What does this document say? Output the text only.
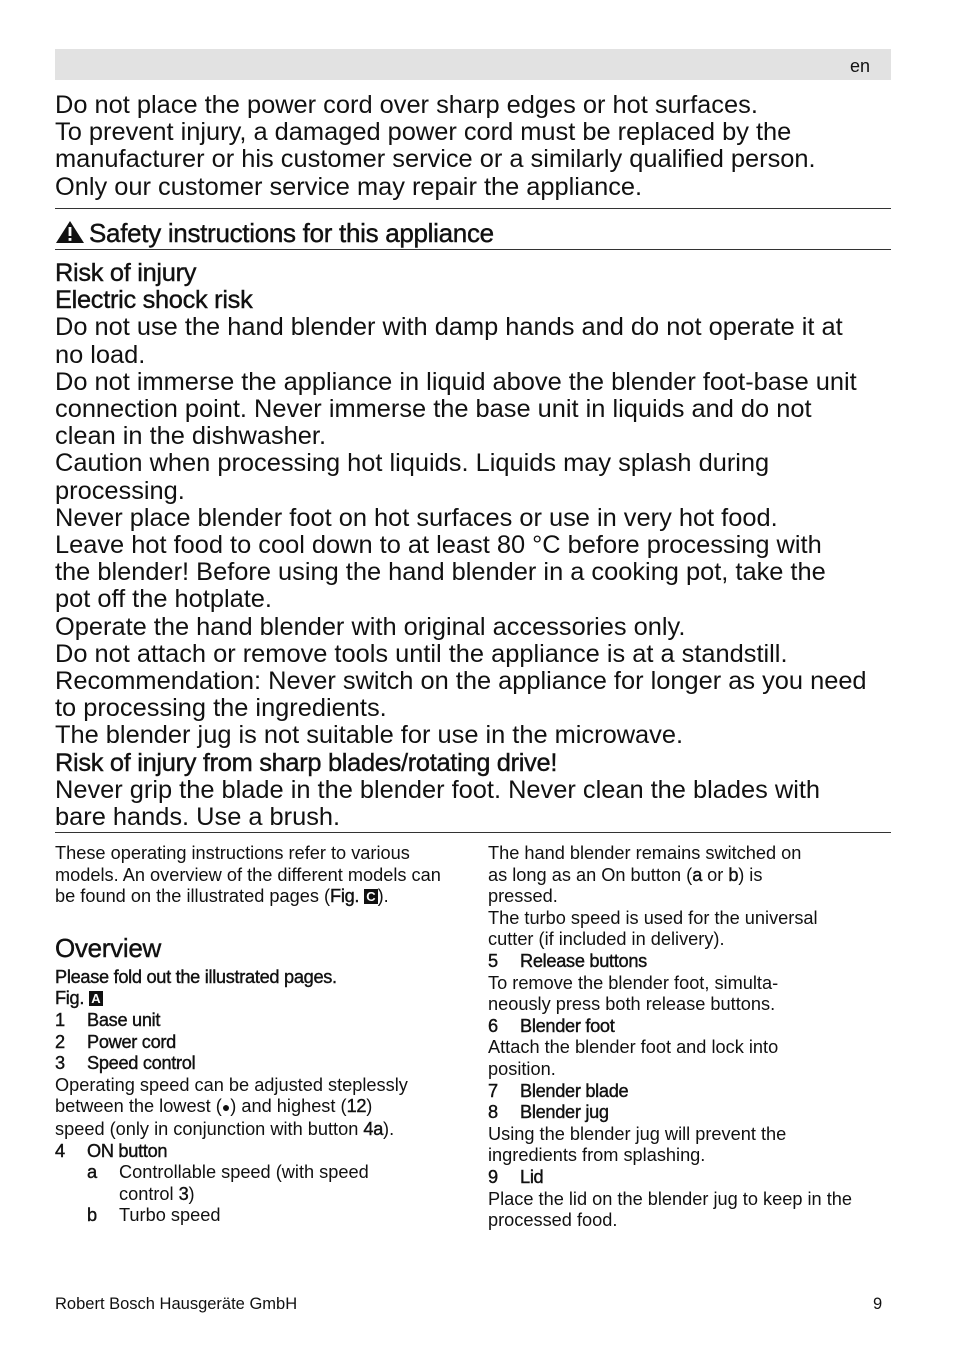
en

Do not place the power cord over sharp edges or hot surfaces.

To prevent injury, a damaged power cord must be replaced by the manufacturer or his customer service or a similarly qualified person.

Only our customer service may repair the appliance.

Safety instructions for this appliance

Risk of injury

Electric shock risk

Do not use the hand blender with damp hands and do not operate it at no load.

Do not immerse the appliance in liquid above the blender foot-base unit connection point. Never immerse the base unit in liquids and do not clean in the dishwasher.

Caution when processing hot liquids. Liquids may splash during processing.

Never place blender foot on hot surfaces or use in very hot food. Leave hot food to cool down to at least 80 °C before processing with the blender! Before using the hand blender in a cooking pot, take the pot off the hotplate.

Operate the hand blender with original accessories only.

Do not attach or remove tools until the appliance is at a standstill.

Recommendation: Never switch on the appliance for longer as you need to processing the ingredients.

The blender jug is not suitable for use in the microwave.

Risk of injury from sharp blades/rotating drive!

Never grip the blade in the blender foot. Never clean the blades with bare hands. Use a brush.

These operating instructions refer to various models. An overview of the different models can be found on the illustrated pages (Fig. C ).

Overview

Please fold out the illustrated pages.

Fig. A

1	Base unit
2	Power cord
3	Speed control

Operating speed can be adjusted steplessly between the lowest (●) and highest (12) speed (only in conjunction with button 4a).

4	ON button
a	Controllable speed (with speed control 3)
b	Turbo speed

The hand blender remains switched on as long as an On button (a or b) is pressed.

The turbo speed is used for the universal cutter (if included in delivery).

5	Release buttons

To remove the blender foot, simulta-neously press both release buttons.

6	Blender foot

Attach the blender foot and lock into position.

7	Blender blade
8	Blender jug

Using the blender jug will prevent the ingredients from splashing.

9	Lid

Place the lid on the blender jug to keep in the processed food.

Robert Bosch Hausgeräte GmbH	9
